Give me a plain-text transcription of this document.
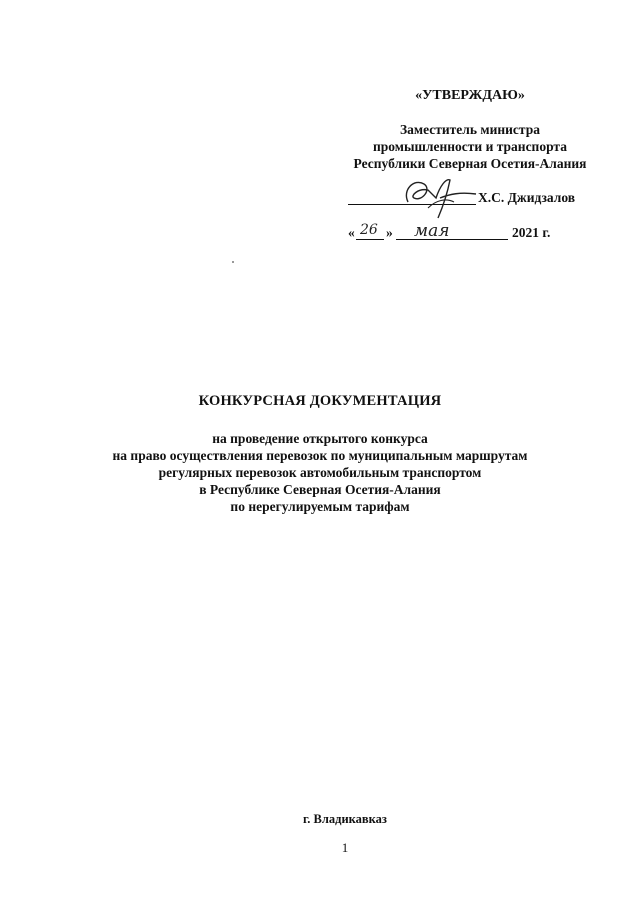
«УТВЕРЖДАЮ»
Заместитель министра
промышленности и транспорта
Республики Северная Осетия-Алания
Х.С. Джидзалов
« 26 » мая	2021 г.
КОНКУРСНАЯ ДОКУМЕНТАЦИЯ
на проведение открытого конкурса
на право осуществления перевозок по муниципальным маршрутам
регулярных перевозок автомобильным транспортом
в Республике Северная Осетия-Алания
по нерегулируемым тарифам
г. Владикавказ
1
